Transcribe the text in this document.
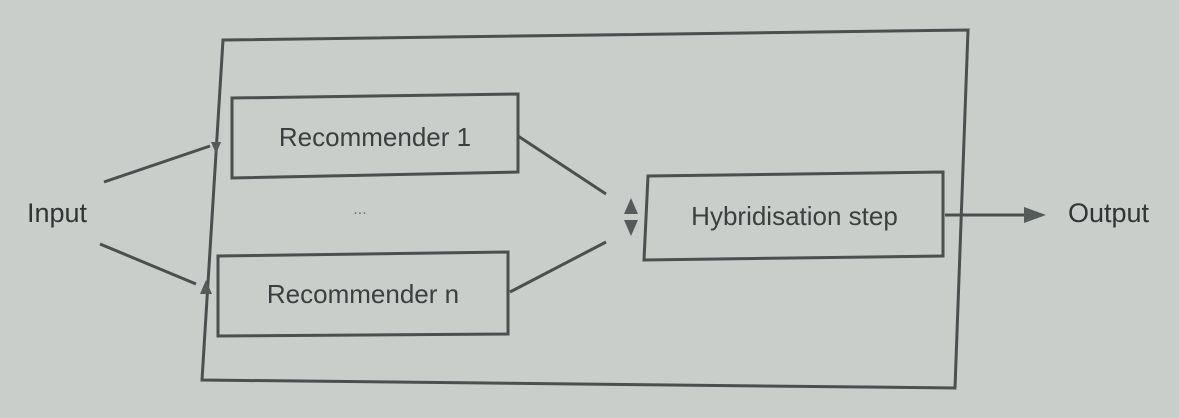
Input
Recommender 1
...
Recommender n
Hybridisation step	Output
